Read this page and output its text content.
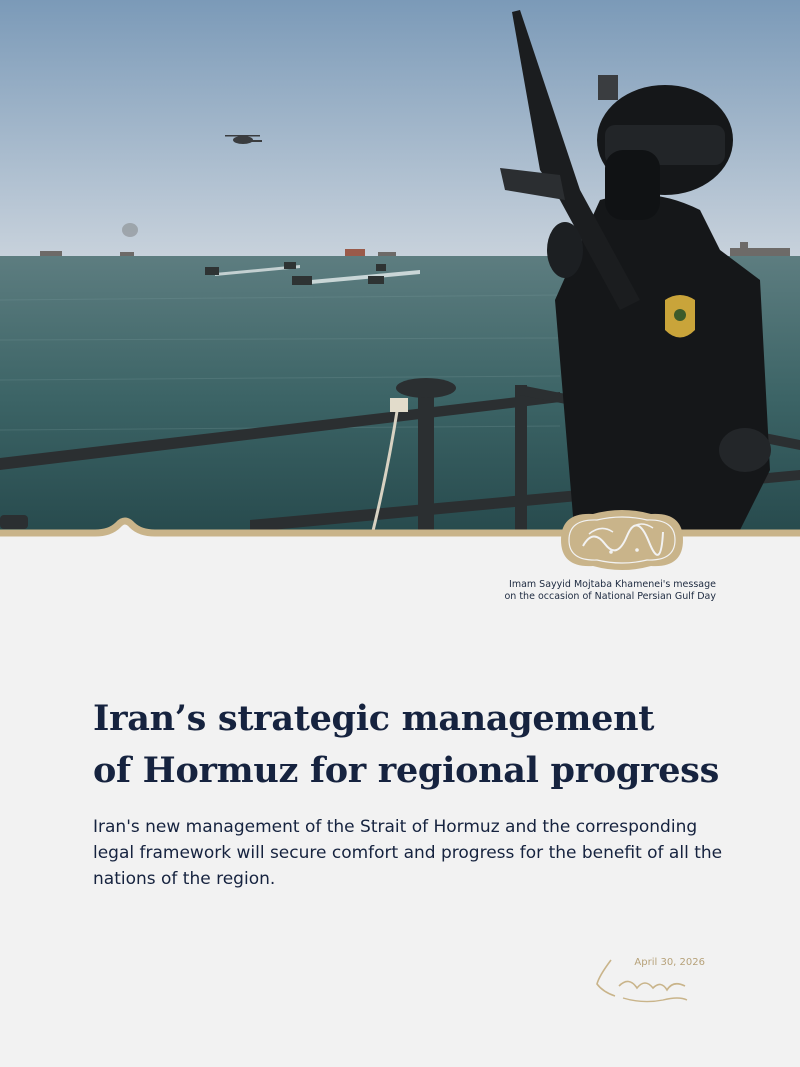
Imam Sayyid Mojtaba Khamenei's message
on the occasion of National Persian Gulf Day
Iran’s strategic management
of Hormuz for regional progress

Iran's new management of the Strait of Hormuz and the corresponding legal framework will secure comfort and progress for the benefit of all the nations of the region.

April 30, 2026
